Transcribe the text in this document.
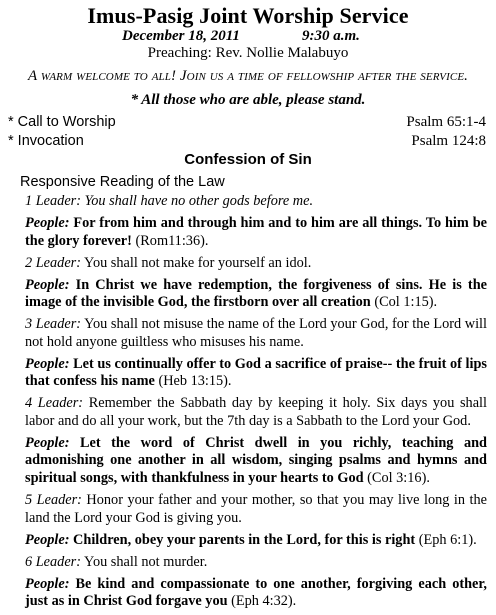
Imus-Pasig Joint Worship Service
December 18, 2011	9:30 a.m.
Preaching: Rev. Nollie Malabuyo
A warm welcome to all! Join us a time of fellowship after the service.
* All those who are able, please stand.
* Call to Worship	Psalm 65:1-4
* Invocation	Psalm 124:8
Confession of Sin
Responsive Reading of the Law

1 Leader: You shall have no other gods before me.

People: For from him and through him and to him are all things. To him be the glory forever! (Rom11:36).

2 Leader: You shall not make for yourself an idol.

People: In Christ we have redemption, the forgiveness of sins. He is the image of the invisible God, the firstborn over all creation (Col 1:15).

3 Leader: You shall not misuse the name of the Lord your God, for the Lord will not hold anyone guiltless who misuses his name.

People: Let us continually offer to God a sacrifice of praise-- the fruit of lips that confess his name (Heb 13:15).

4 Leader: Remember the Sabbath day by keeping it holy. Six days you shall labor and do all your work, but the 7th day is a Sabbath to the Lord your God.

People: Let the word of Christ dwell in you richly, teaching and admonishing one another in all wisdom, singing psalms and hymns and spiritual songs, with thankfulness in your hearts to God (Col 3:16).

5 Leader: Honor your father and your mother, so that you may live long in the land the Lord your God is giving you.

People: Children, obey your parents in the Lord, for this is right (Eph 6:1).

6 Leader: You shall not murder.

People: Be kind and compassionate to one another, forgiving each other, just as in Christ God forgave you (Eph 4:32).
